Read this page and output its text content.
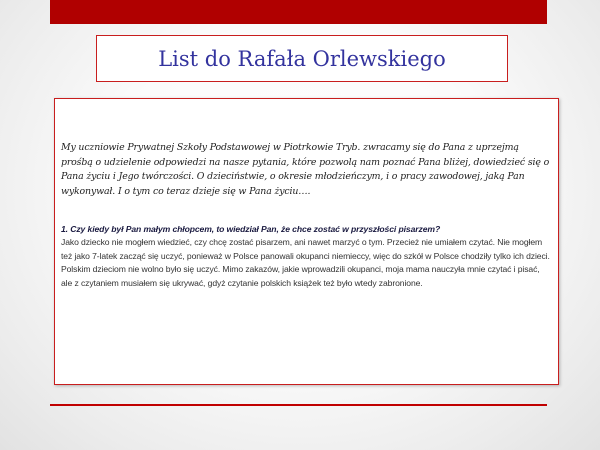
List do Rafała Orlewskiego

My uczniowie Prywatnej Szkoły Podstawowej w Piotrkowie Tryb. zwracamy się do Pana z uprzejmą prośbą o udzielenie odpowiedzi na nasze pytania, które pozwolą nam poznać Pana bliżej, dowiedzieć się o Pana życiu i Jego twórczości. O dzieciństwie, o okresie młodzieńczym, i o pracy zawodowej, jaką Pan wykonywał. I o tym co teraz dzieje się w Pana życiu….

1. Czy kiedy był Pan małym chłopcem, to wiedział Pan, że chce zostać w przyszłości pisarzem?

Jako dziecko nie mogłem wiedzieć, czy chcę zostać pisarzem, ani nawet marzyć o tym. Przecież nie umiałem czytać. Nie mogłem też jako 7-latek zacząć się uczyć, ponieważ w Polsce panowali okupanci niemieccy, więc do szkół w Polsce chodziły tylko ich dzieci. Polskim dzieciom nie wolno było się uczyć. Mimo zakazów, jakie wprowadzili okupanci, moja mama nauczyła mnie czytać i pisać, ale z czytaniem musiałem się ukrywać, gdyż czytanie polskich książek też było wtedy zabronione.
